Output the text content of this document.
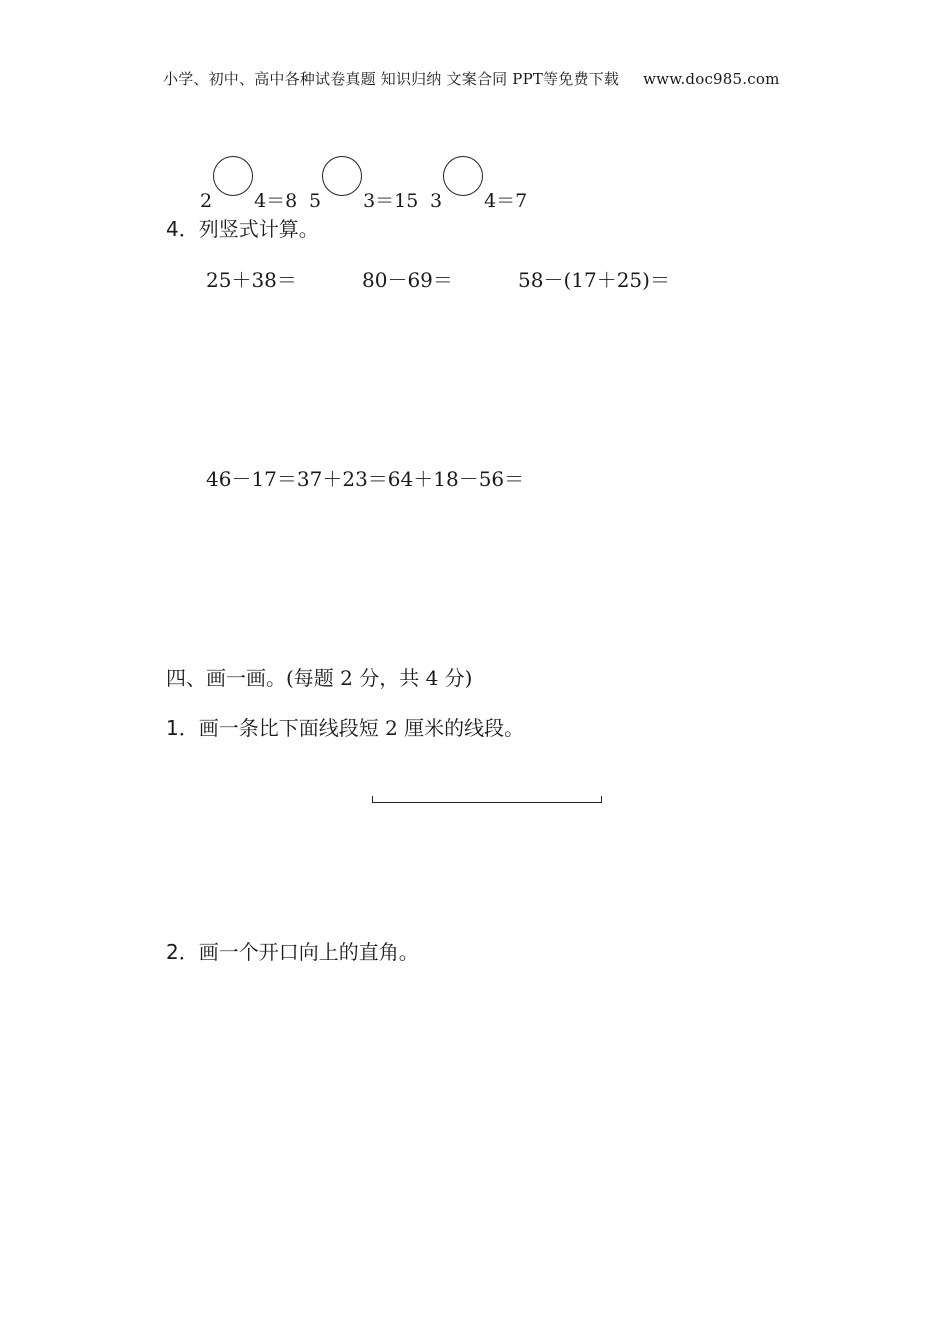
小学、初中、高中各种试卷真题 知识归纳 文案合同 PPT等免费下载 www.doc985.com
2 4＝8 5 3＝15 3 4＝7
4．列竖式计算。
25＋38＝	80－69＝	58－(17＋25)＝
46－17＝37＋23＝64＋18－56＝
四、画一画。(每题 2 分，共 4 分)
1．画一条比下面线段短 2 厘米的线段。
2．画一个开口向上的直角。
